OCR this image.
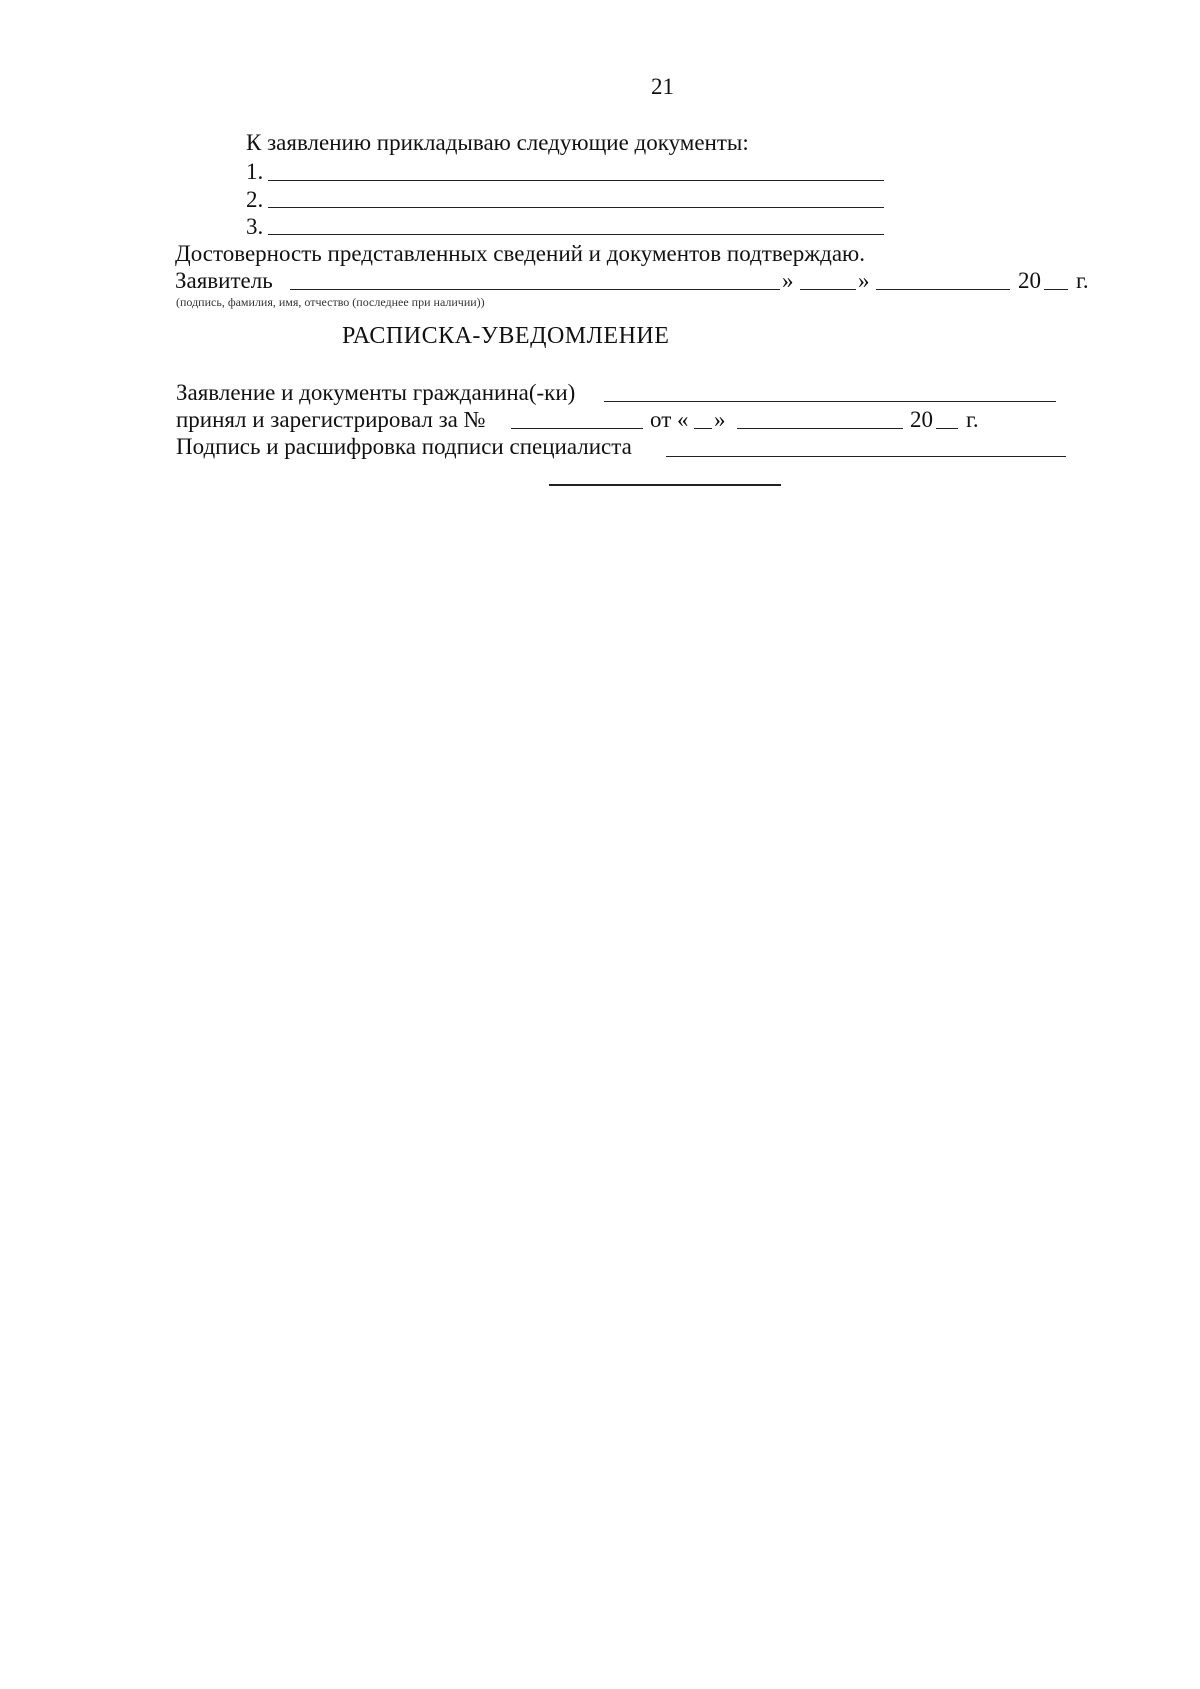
21
К заявлению прикладываю следующие документы:
1.
2.
3.
Достоверность представленных сведений и документов подтверждаю.
Заявитель	»	»	20 г.
(подпись, фамилия, имя, отчество (последнее при наличии))
РАСПИСКА-УВЕДОМЛЕНИЕ
Заявление и документы гражданина(-ки)
принял и зарегистрировал за №	от « »	20 г.
Подпись и расшифровка подписи специалиста
